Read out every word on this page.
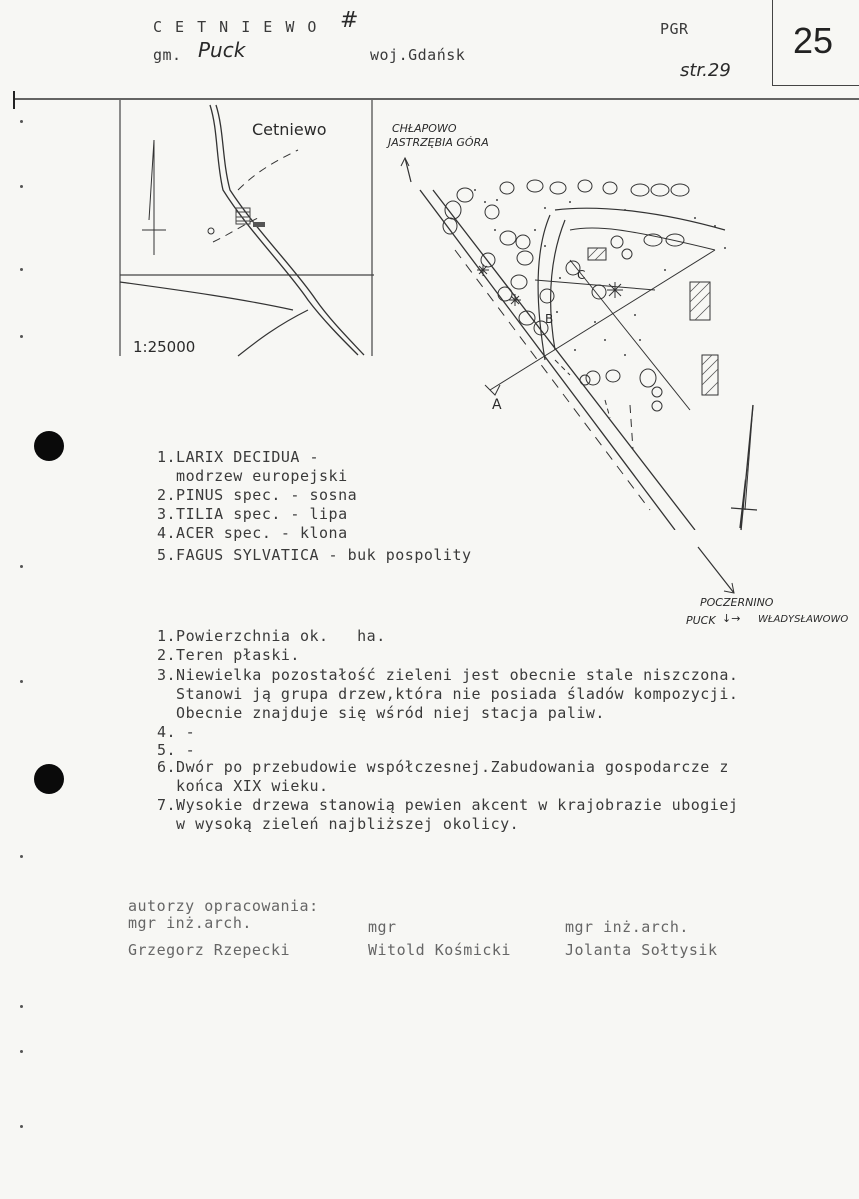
C E T N I E W O #
gm. Puck	woj.Gdańsk
PGR
str.29
25
Cetniewo
1:25000
CHŁAPOWO
JASTRZĘBIA GÓRA
A
B
C
POCZERNINO
PUCK ↓→ WŁADYSŁAWOWO
1.LARIX DECIDUA -
modrzew europejski
2.PINUS spec. - sosna
3.TILIA spec. - lipa
4.ACER spec. - klona
5.FAGUS SYLVATICA - buk pospolity
1.Powierzchnia ok.   ha.
2.Teren płaski.
3.Niewielka pozostałość zieleni jest obecnie stale niszczona.
Stanowi ją grupa drzew,która nie posiada śladów kompozycji.
Obecnie znajduje się wśród niej stacja paliw.
4. -
5. -
6.Dwór po przebudowie współczesnej.Zabudowania gospodarcze z
końca XIX wieku.
7.Wysokie drzewa stanowią pewien akcent w krajobrazie ubogiej
w wysoką zieleń najbliższej okolicy.
autorzy opracowania:
mgr inż.arch.
Grzegorz Rzepecki
mgr
Witold Kośmicki
mgr inż.arch.
Jolanta Sołtysik
